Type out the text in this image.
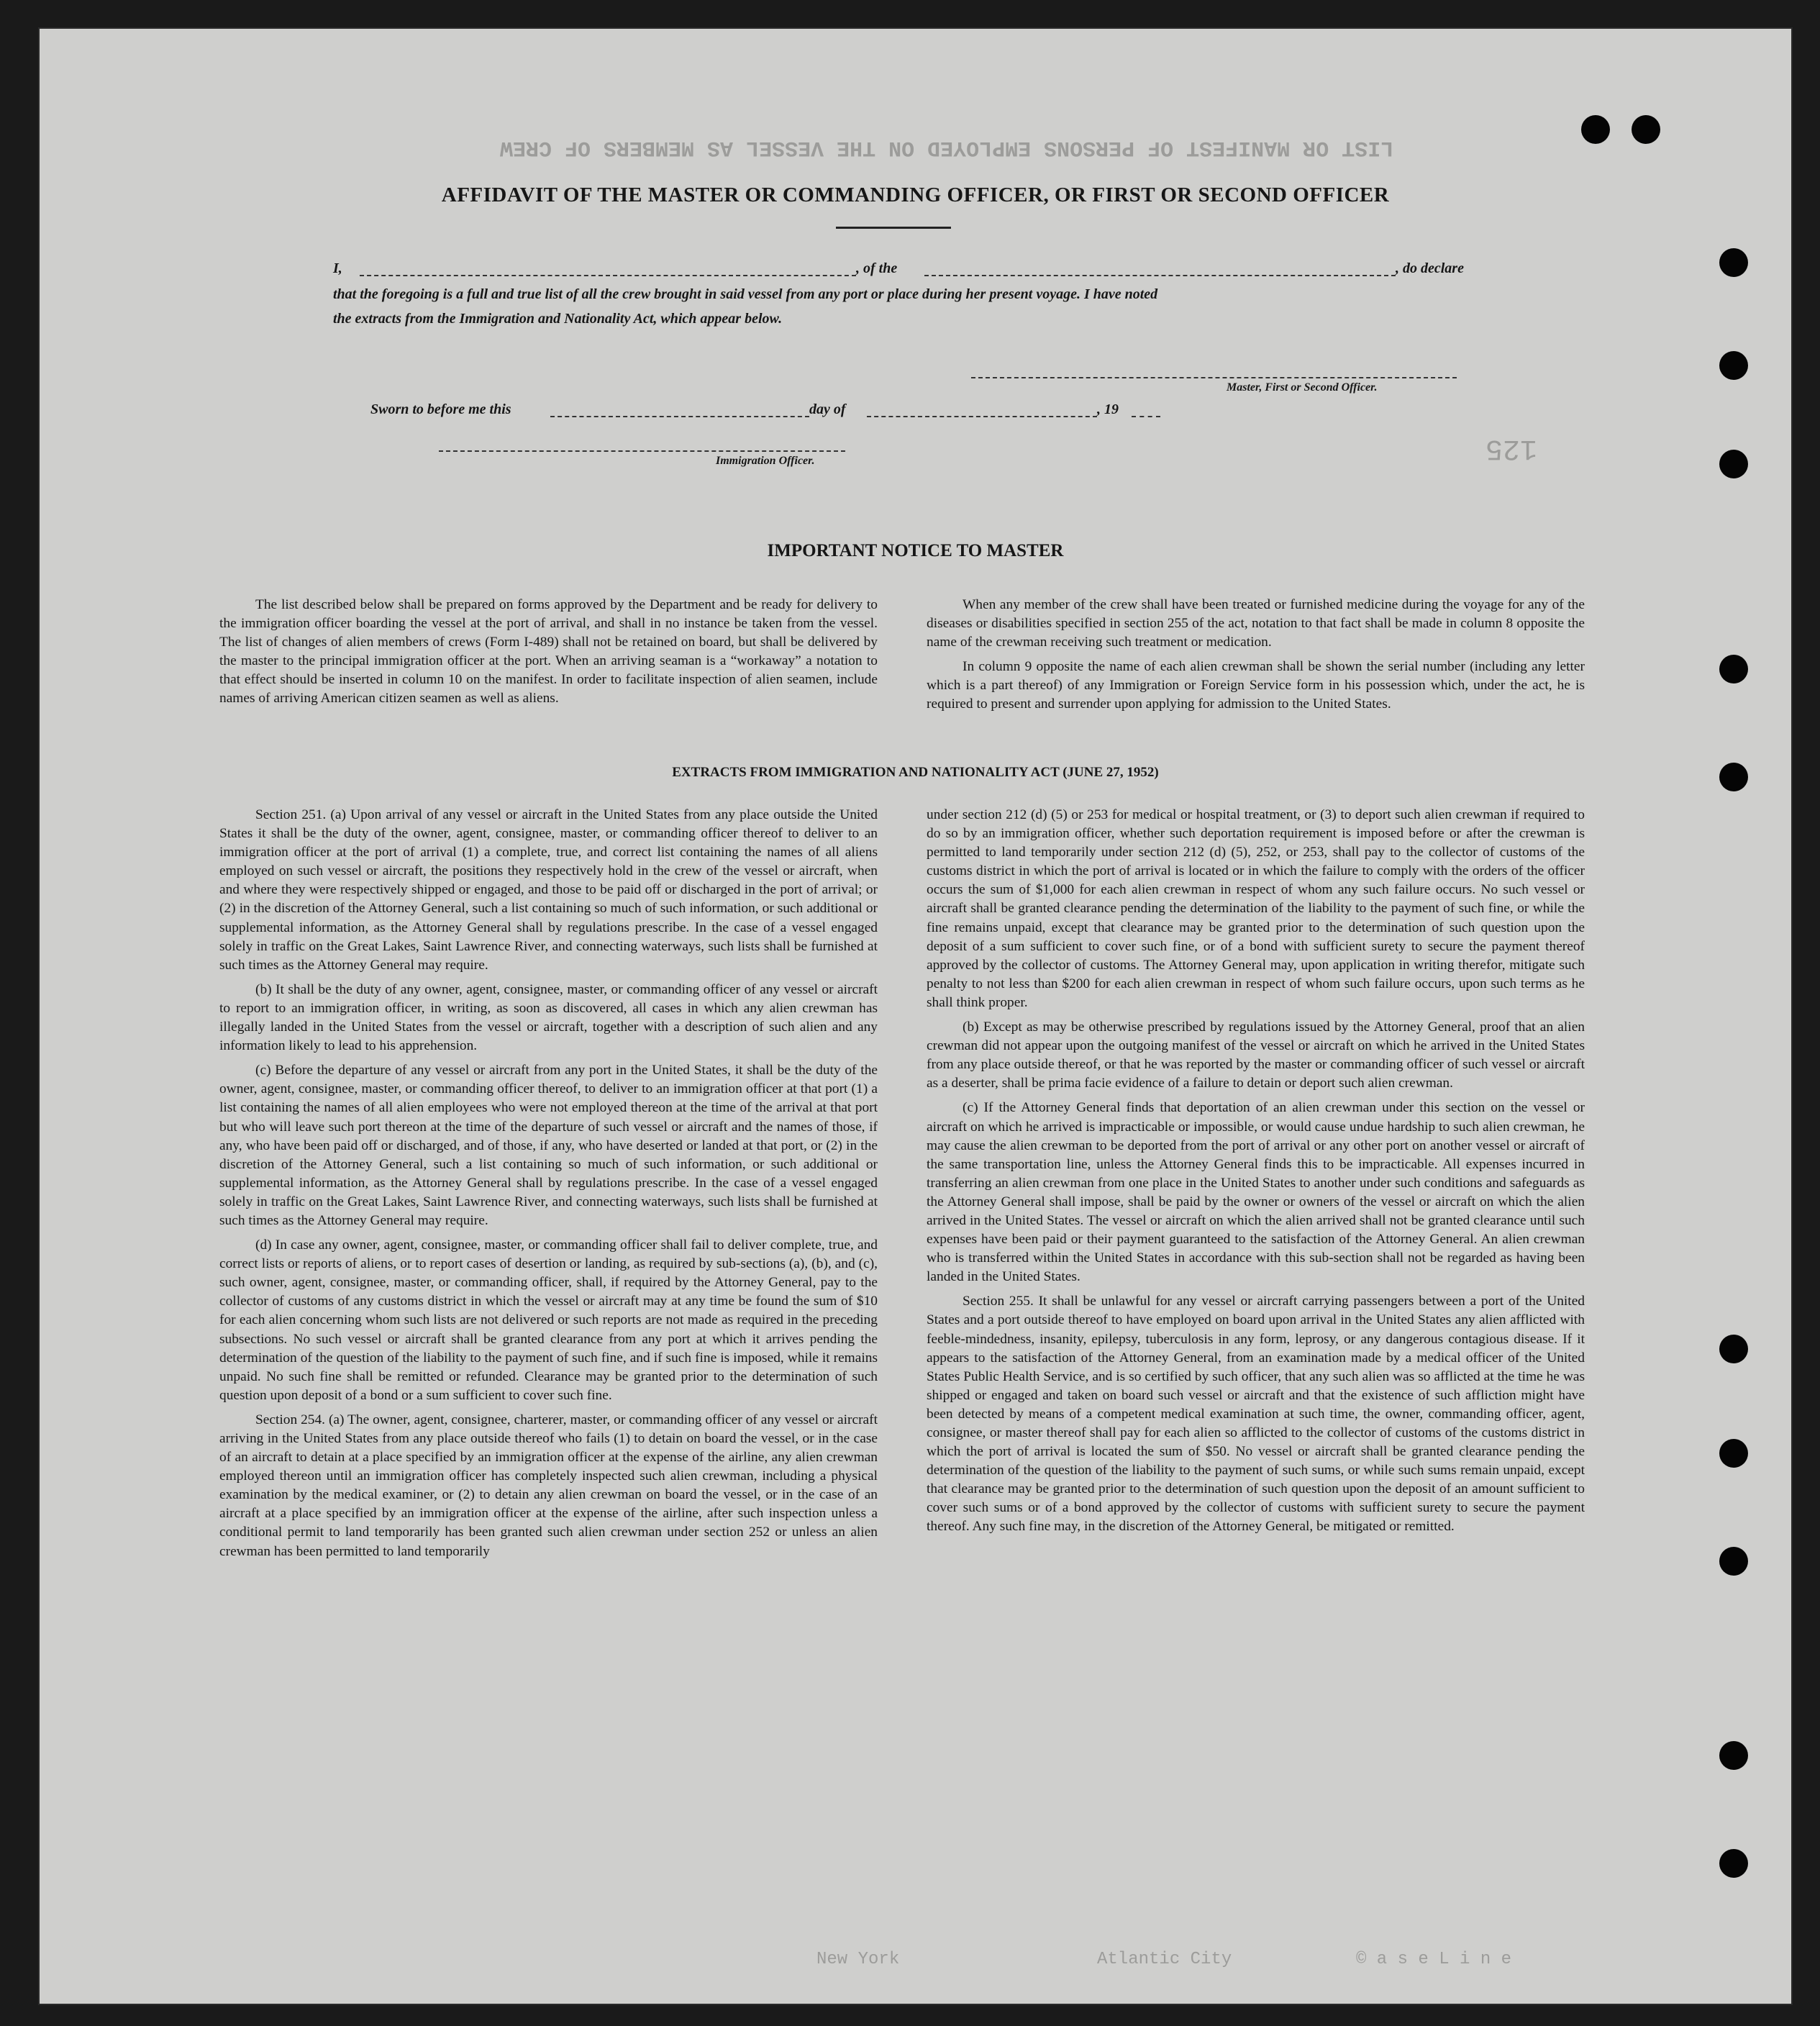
LIST OR MANIFEST OF PERSONS EMPLOYED ON THE VESSEL AS MEMBERS OF CREW
125
© a s e L i n e
Atlantic City
New York
AFFIDAVIT OF THE MASTER OR COMMANDING OFFICER, OR FIRST OR SECOND OFFICER
I,	, of the	, do declare
that the foregoing is a full and true list of all the crew brought in said vessel from any port or place during her present voyage. I have noted
the extracts from the Immigration and Nationality Act, which appear below.
Master, First or Second Officer.
Sworn to before me this	day of	, 19
Immigration Officer.
IMPORTANT NOTICE TO MASTER

The list described below shall be prepared on forms approved by the Department and be ready for delivery to the immigration officer boarding the vessel at the port of arrival, and shall in no instance be taken from the vessel. The list of changes of alien members of crews (Form I-489) shall not be retained on board, but shall be delivered by the master to the principal immigration officer at the port. When an arriving seaman is a “workaway” a notation to that effect should be inserted in column 10 on the manifest. In order to facilitate inspection of alien seamen, include names of arriving American citizen seamen as well as aliens.

When any member of the crew shall have been treated or furnished medicine during the voyage for any of the diseases or disabilities specified in section 255 of the act, notation to that fact shall be made in column 8 opposite the name of the crewman receiving such treatment or medication.

In column 9 opposite the name of each alien crewman shall be shown the serial number (including any letter which is a part thereof) of any Immigration or Foreign Service form in his possession which, under the act, he is required to present and surrender upon applying for admission to the United States.

EXTRACTS FROM IMMIGRATION AND NATIONALITY ACT (JUNE 27, 1952)

Section 251. (a) Upon arrival of any vessel or aircraft in the United States from any place outside the United States it shall be the duty of the owner, agent, consignee, master, or commanding officer thereof to deliver to an immigration officer at the port of arrival (1) a complete, true, and correct list containing the names of all aliens employed on such vessel or aircraft, the positions they respectively hold in the crew of the vessel or aircraft, when and where they were respectively shipped or engaged, and those to be paid off or discharged in the port of arrival; or (2) in the discretion of the Attorney General, such a list containing so much of such information, or such additional or supplemental information, as the Attorney General shall by regulations prescribe. In the case of a vessel engaged solely in traffic on the Great Lakes, Saint Lawrence River, and connecting waterways, such lists shall be furnished at such times as the Attorney General may require.

(b) It shall be the duty of any owner, agent, consignee, master, or commanding officer of any vessel or aircraft to report to an immigration officer, in writing, as soon as discovered, all cases in which any alien crewman has illegally landed in the United States from the vessel or aircraft, together with a description of such alien and any information likely to lead to his apprehension.

(c) Before the departure of any vessel or aircraft from any port in the United States, it shall be the duty of the owner, agent, consignee, master, or commanding officer thereof, to deliver to an immigration officer at that port (1) a list containing the names of all alien employees who were not employed thereon at the time of the arrival at that port but who will leave such port thereon at the time of the departure of such vessel or aircraft and the names of those, if any, who have been paid off or discharged, and of those, if any, who have deserted or landed at that port, or (2) in the discretion of the Attorney General, such a list containing so much of such information, or such additional or supplemental information, as the Attorney General shall by regulations prescribe. In the case of a vessel engaged solely in traffic on the Great Lakes, Saint Lawrence River, and connecting waterways, such lists shall be furnished at such times as the Attorney General may require.

(d) In case any owner, agent, consignee, master, or commanding officer shall fail to deliver complete, true, and correct lists or reports of aliens, or to report cases of desertion or landing, as required by sub-sections (a), (b), and (c), such owner, agent, consignee, master, or commanding officer, shall, if required by the Attorney General, pay to the collector of customs of any customs district in which the vessel or aircraft may at any time be found the sum of $10 for each alien concerning whom such lists are not delivered or such reports are not made as required in the preceding subsections. No such vessel or aircraft shall be granted clearance from any port at which it arrives pending the determination of the question of the liability to the payment of such fine, and if such fine is imposed, while it remains unpaid. No such fine shall be remitted or refunded. Clearance may be granted prior to the determination of such question upon deposit of a bond or a sum sufficient to cover such fine.

Section 254. (a) The owner, agent, consignee, charterer, master, or commanding officer of any vessel or aircraft arriving in the United States from any place outside thereof who fails (1) to detain on board the vessel, or in the case of an aircraft to detain at a place specified by an immigration officer at the expense of the airline, any alien crewman employed thereon until an immigration officer has completely inspected such alien crewman, including a physical examination by the medical examiner, or (2) to detain any alien crewman on board the vessel, or in the case of an aircraft at a place specified by an immigration officer at the expense of the airline, after such inspection unless a conditional permit to land temporarily has been granted such alien crewman under section 252 or unless an alien crewman has been permitted to land temporarily

under section 212 (d) (5) or 253 for medical or hospital treatment, or (3) to deport such alien crewman if required to do so by an immigration officer, whether such deportation requirement is imposed before or after the crewman is permitted to land temporarily under section 212 (d) (5), 252, or 253, shall pay to the collector of customs of the customs district in which the port of arrival is located or in which the failure to comply with the orders of the officer occurs the sum of $1,000 for each alien crewman in respect of whom any such failure occurs. No such vessel or aircraft shall be granted clearance pending the determination of the liability to the payment of such fine, or while the fine remains unpaid, except that clearance may be granted prior to the determination of such question upon the deposit of a sum sufficient to cover such fine, or of a bond with sufficient surety to secure the payment thereof approved by the collector of customs. The Attorney General may, upon application in writing therefor, mitigate such penalty to not less than $200 for each alien crewman in respect of whom such failure occurs, upon such terms as he shall think proper.

(b) Except as may be otherwise prescribed by regulations issued by the Attorney General, proof that an alien crewman did not appear upon the outgoing manifest of the vessel or aircraft on which he arrived in the United States from any place outside thereof, or that he was reported by the master or commanding officer of such vessel or aircraft as a deserter, shall be prima facie evidence of a failure to detain or deport such alien crewman.

(c) If the Attorney General finds that deportation of an alien crewman under this section on the vessel or aircraft on which he arrived is impracticable or impossible, or would cause undue hardship to such alien crewman, he may cause the alien crewman to be deported from the port of arrival or any other port on another vessel or aircraft of the same transportation line, unless the Attorney General finds this to be impracticable. All expenses incurred in transferring an alien crewman from one place in the United States to another under such conditions and safeguards as the Attorney General shall impose, shall be paid by the owner or owners of the vessel or aircraft on which the alien arrived in the United States. The vessel or aircraft on which the alien arrived shall not be granted clearance until such expenses have been paid or their payment guaranteed to the satisfaction of the Attorney General. An alien crewman who is transferred within the United States in accordance with this sub-section shall not be regarded as having been landed in the United States.

Section 255. It shall be unlawful for any vessel or aircraft carrying passengers between a port of the United States and a port outside thereof to have employed on board upon arrival in the United States any alien afflicted with feeble-mindedness, insanity, epilepsy, tuberculosis in any form, leprosy, or any dangerous contagious disease. If it appears to the satisfaction of the Attorney General, from an examination made by a medical officer of the United States Public Health Service, and is so certified by such officer, that any such alien was so afflicted at the time he was shipped or engaged and taken on board such vessel or aircraft and that the existence of such affliction might have been detected by means of a competent medical examination at such time, the owner, commanding officer, agent, consignee, or master thereof shall pay for each alien so afflicted to the collector of customs of the customs district in which the port of arrival is located the sum of $50. No vessel or aircraft shall be granted clearance pending the determination of the question of the liability to the payment of such sums, or while such sums remain unpaid, except that clearance may be granted prior to the determination of such question upon the deposit of an amount sufficient to cover such sums or of a bond approved by the collector of customs with sufficient surety to secure the payment thereof. Any such fine may, in the discretion of the Attorney General, be mitigated or remitted.
